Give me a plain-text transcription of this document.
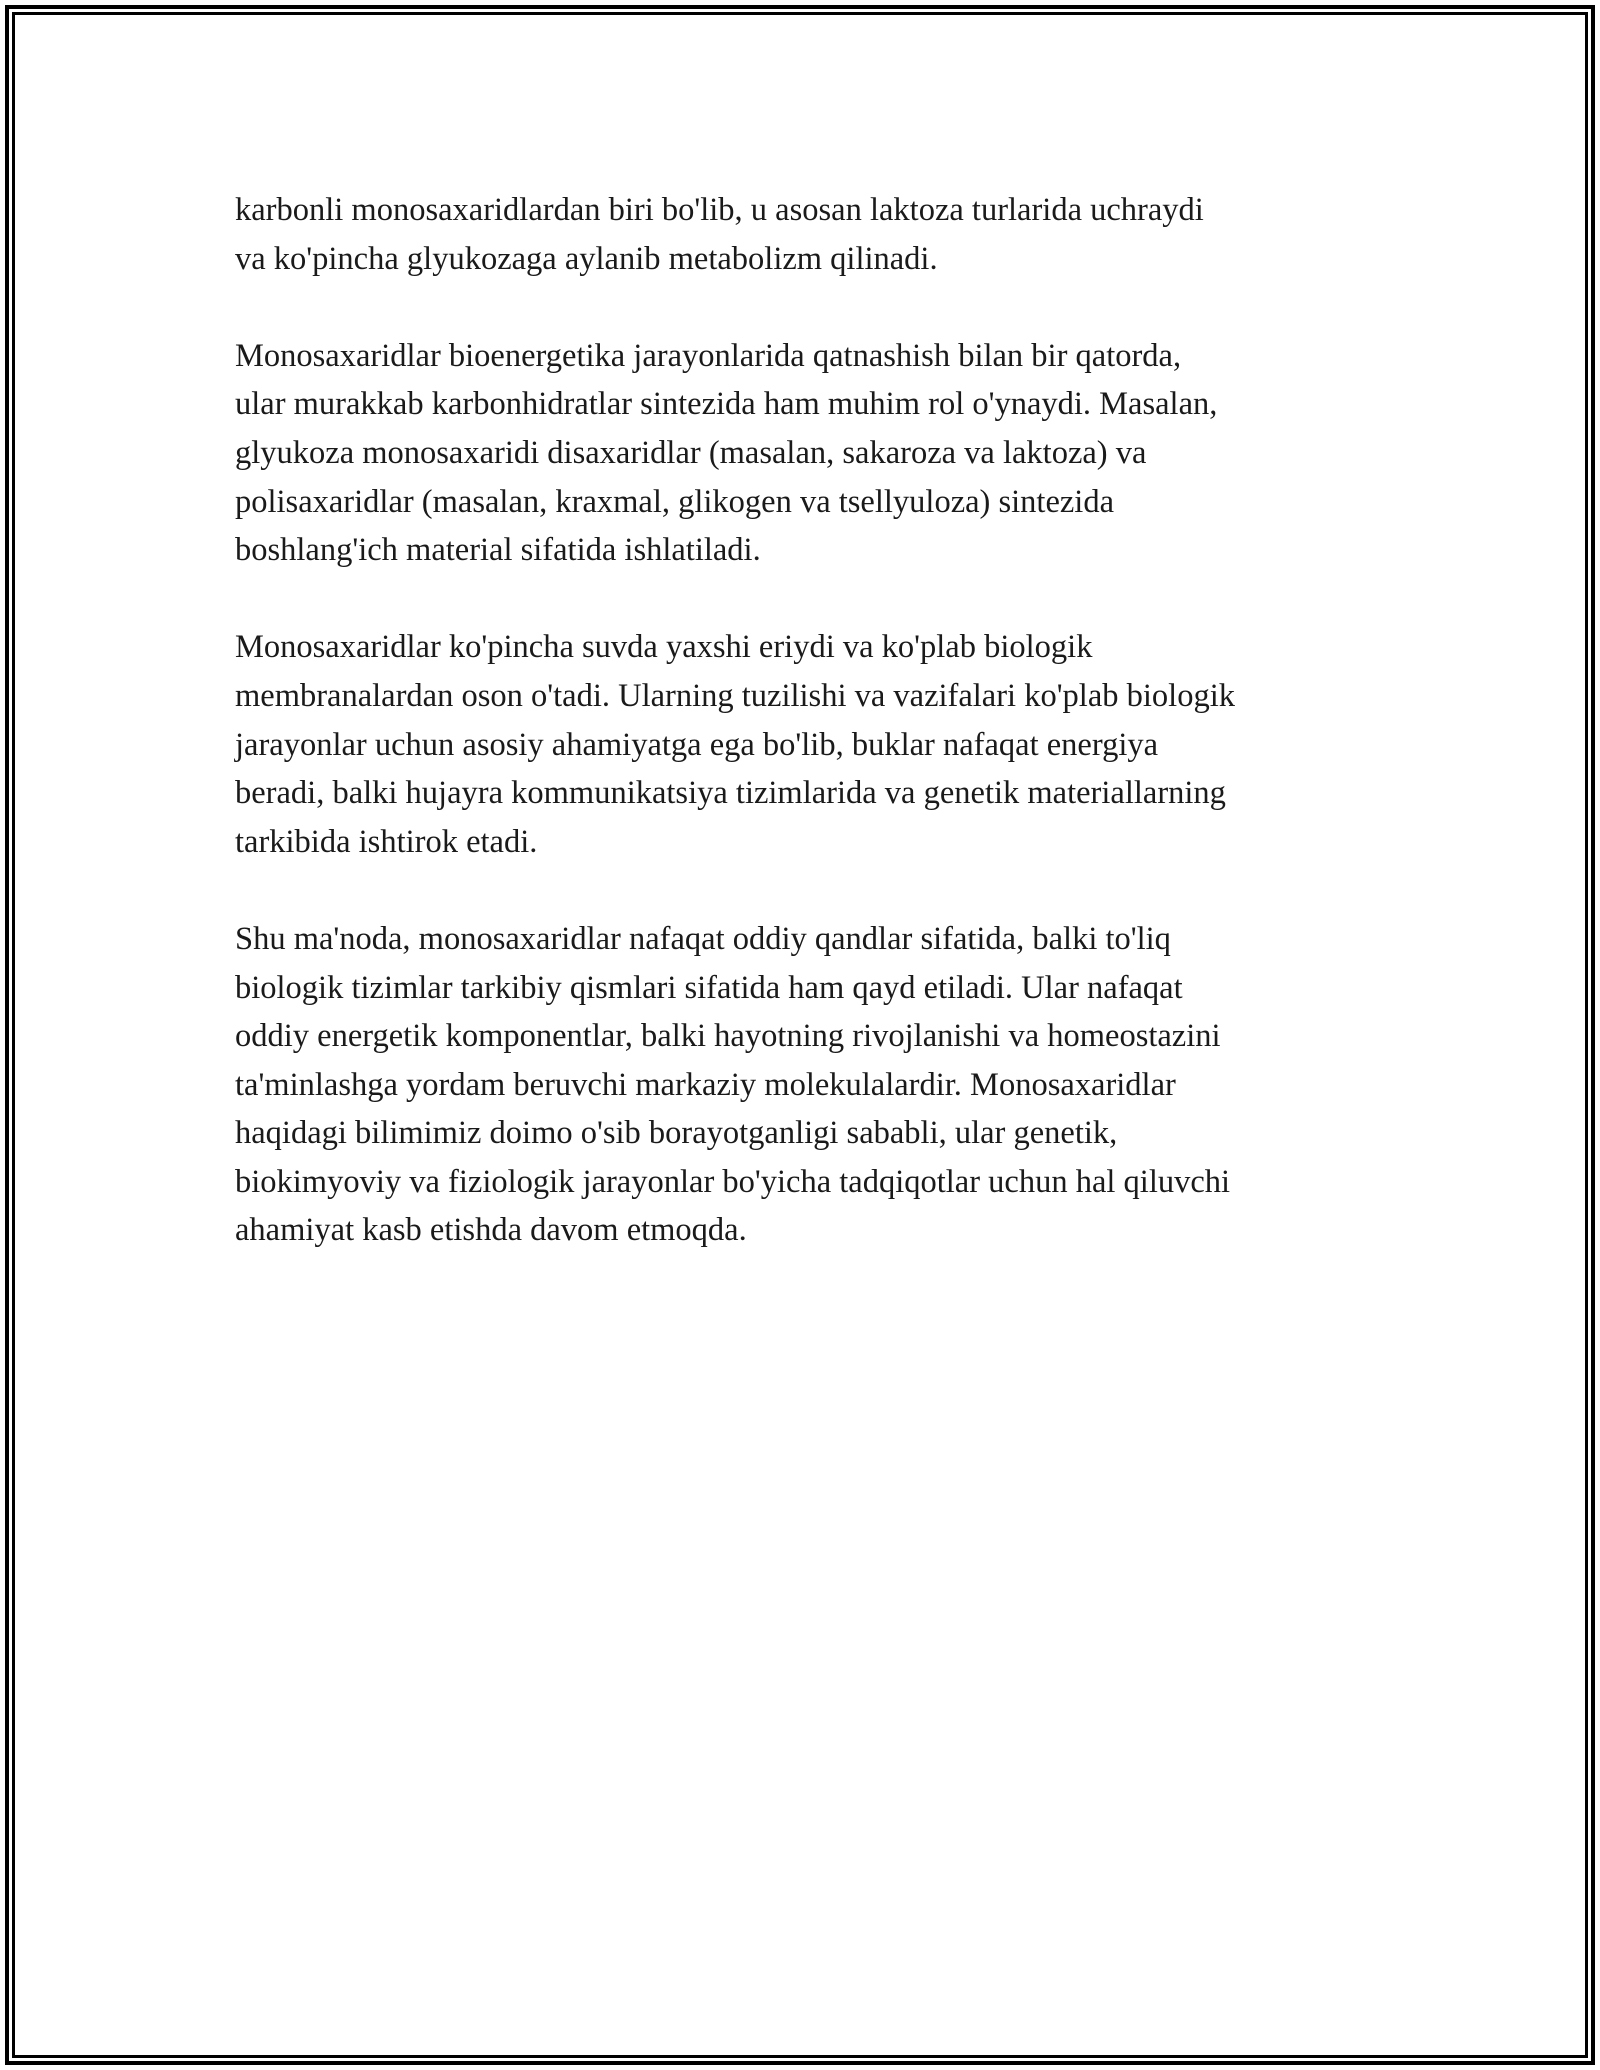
karbonli monosaxaridlardan biri bo'lib, u asosan laktoza turlarida uchraydi
va ko'pincha glyukozaga aylanib metabolizm qilinadi.

Monosaxaridlar bioenergetika jarayonlarida qatnashish bilan bir qatorda,
ular murakkab karbonhidratlar sintezida ham muhim rol o'ynaydi. Masalan,
glyukoza monosaxaridi disaxaridlar (masalan, sakaroza va laktoza) va
polisaxaridlar (masalan, kraxmal, glikogen va tsellyuloza) sintezida
boshlang'ich material sifatida ishlatiladi.

Monosaxaridlar ko'pincha suvda yaxshi eriydi va ko'plab biologik
membranalardan oson o'tadi. Ularning tuzilishi va vazifalari ko'plab biologik
jarayonlar uchun asosiy ahamiyatga ega bo'lib, buklar nafaqat energiya
beradi, balki hujayra kommunikatsiya tizimlarida va genetik materiallarning
tarkibida ishtirok etadi.

Shu ma'noda, monosaxaridlar nafaqat oddiy qandlar sifatida, balki to'liq
biologik tizimlar tarkibiy qismlari sifatida ham qayd etiladi. Ular nafaqat
oddiy energetik komponentlar, balki hayotning rivojlanishi va homeostazini
ta'minlashga yordam beruvchi markaziy molekulalardir. Monosaxaridlar
haqidagi bilimimiz doimo o'sib borayotganligi sababli, ular genetik,
biokimyoviy va fiziologik jarayonlar bo'yicha tadqiqotlar uchun hal qiluvchi
ahamiyat kasb etishda davom etmoqda.
